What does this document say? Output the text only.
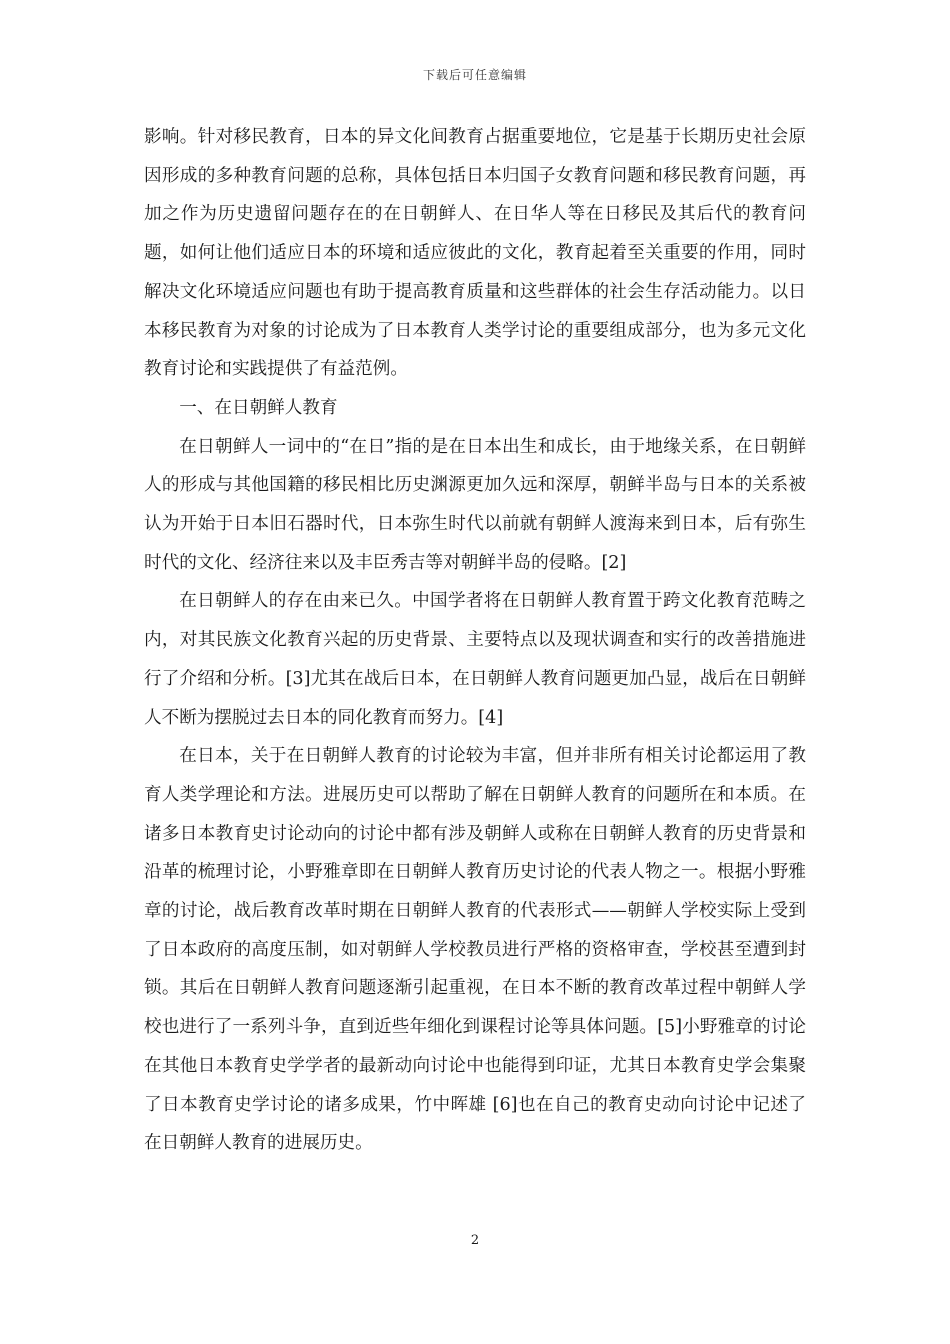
下载后可任意编辑

影响。针对移民教育，日本的异文化间教育占据重要地位，它是基于长期历史社会原因形成的多种教育问题的总称，具体包括日本归国子女教育问题和移民教育问题，再加之作为历史遗留问题存在的在日朝鲜人、在日华人等在日移民及其后代的教育问题，如何让他们适应日本的环境和适应彼此的文化，教育起着至关重要的作用，同时解决文化环境适应问题也有助于提高教育质量和这些群体的社会生存活动能力。以日本移民教育为对象的讨论成为了日本教育人类学讨论的重要组成部分，也为多元文化教育讨论和实践提供了有益范例。

一、在日朝鲜人教育

在日朝鲜人一词中的“在日”指的是在日本出生和成长，由于地缘关系，在日朝鲜人的形成与其他国籍的移民相比历史渊源更加久远和深厚，朝鲜半岛与日本的关系被认为开始于日本旧石器时代，日本弥生时代以前就有朝鲜人渡海来到日本，后有弥生时代的文化、经济往来以及丰臣秀吉等对朝鲜半岛的侵略。[2]

在日朝鲜人的存在由来已久。中国学者将在日朝鲜人教育置于跨文化教育范畴之内，对其民族文化教育兴起的历史背景、主要特点以及现状调查和实行的改善措施进行了介绍和分析。[3]尤其在战后日本，在日朝鲜人教育问题更加凸显，战后在日朝鲜人不断为摆脱过去日本的同化教育而努力。[4]

在日本，关于在日朝鲜人教育的讨论较为丰富，但并非所有相关讨论都运用了教育人类学理论和方法。进展历史可以帮助了解在日朝鲜人教育的问题所在和本质。在诸多日本教育史讨论动向的讨论中都有涉及朝鲜人或称在日朝鲜人教育的历史背景和沿革的梳理讨论，小野雅章即在日朝鲜人教育历史讨论的代表人物之一。根据小野雅章的讨论，战后教育改革时期在日朝鲜人教育的代表形式——朝鲜人学校实际上受到了日本政府的高度压制，如对朝鲜人学校教员进行严格的资格审查，学校甚至遭到封锁。其后在日朝鲜人教育问题逐渐引起重视，在日本不断的教育改革过程中朝鲜人学校也进行了一系列斗争，直到近些年细化到课程讨论等具体问题。[5]小野雅章的讨论在其他日本教育史学学者的最新动向讨论中也能得到印证，尤其日本教育史学会集聚了日本教育史学讨论的诸多成果，竹中晖雄 [6]也在自己的教育史动向讨论中记述了在日朝鲜人教育的进展历史。

2
